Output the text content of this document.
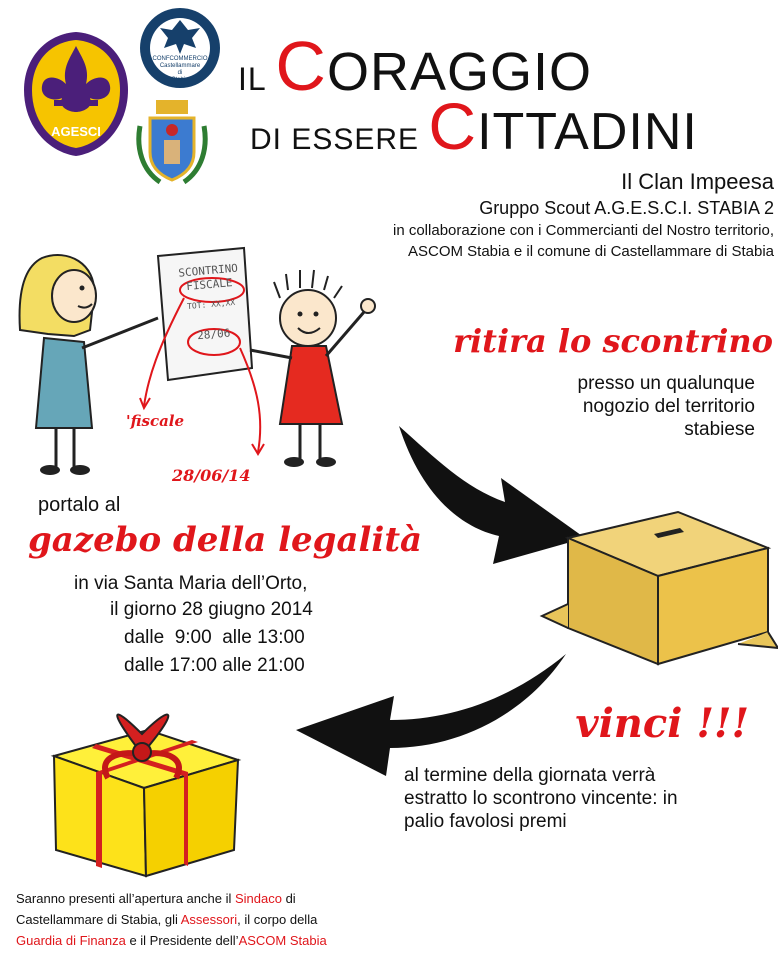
AGESCI
CONFCOMMERCIO
Castellammare
di
Stabia	IL CORAGGIO
DI ESSERE CITTADINI
Il Clan Impeesa
Gruppo Scout A.G.E.S.C.I. STABIA 2
in collaborazione con i Commercianti del Nostro territorio,
ASCOM Stabia e il comune di Castellammare di Stabia
SCONTRINO
FISCALE
TOT: XX,XX
28/06
'fiscale
28/06/14
ritira lo scontrino
presso un qualunque
nogozio del territorio
stabiese
portalo al
gazebo della legalità
in via Santa Maria dell’Orto,
il giorno 28 giugno 2014
dalle  9:00  alle 13:00
dalle 17:00 alle 21:00
vinci !!!
al termine della giornata verrà
estratto lo scontrono vincente: in
palio favolosi premi
Saranno presenti all’apertura anche il Sindaco di
Castellammare di Stabia, gli Assessori, il corpo della
Guardia di Finanza e il Presidente dell’ASCOM Stabia
